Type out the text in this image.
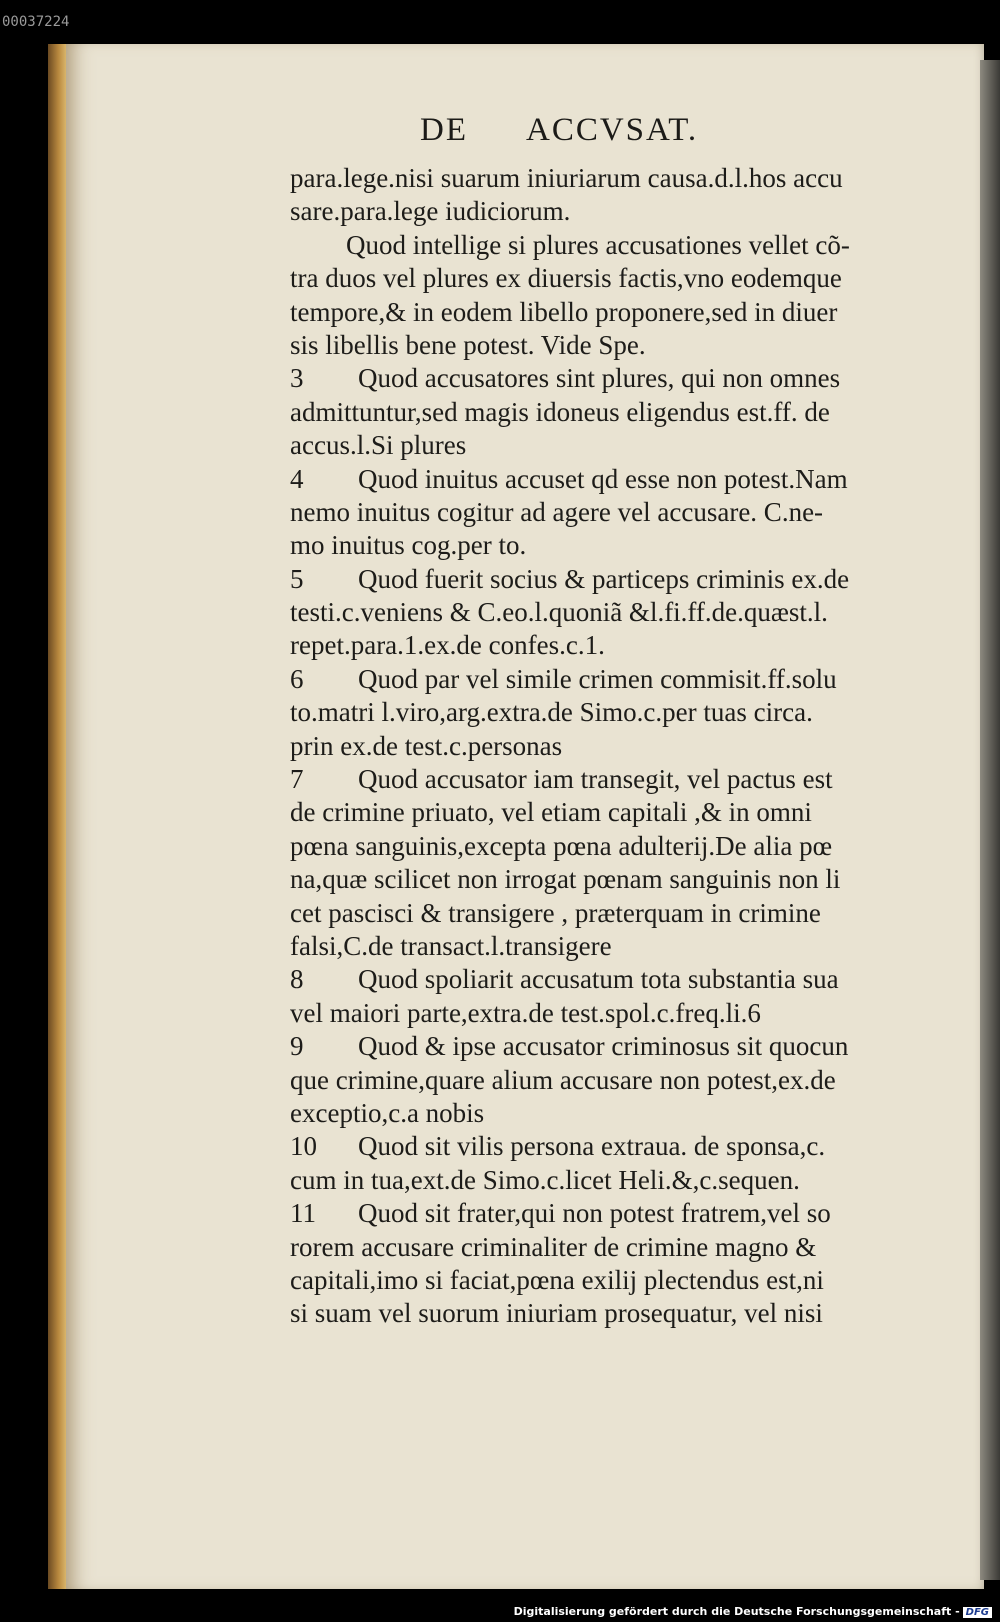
00037224
DE ACCVSAT.
para.lege.nisi suarum iniuriarum causa.d.l.hos accu
sare.para.lege iudiciorum.
Quod intellige si plures accusationes vellet cõ-
tra duos vel plures ex diuersis factis,vno eodemque
tempore,& in eodem libello proponere,sed in diuer
sis libellis bene potest. Vide Spe.
3 Quod accusatores sint plures, qui non omnes
admittuntur,sed magis idoneus eligendus est.ff. de
accus.l.Si plures
4 Quod inuitus accuset qd esse non potest.Nam
nemo inuitus cogitur ad agere vel accusare. C.ne-
mo inuitus cog.per to.
5 Quod fuerit socius & particeps criminis ex.de
testi.c.veniens & C.eo.l.quoniã &l.fi.ff.de.quæst.l.
repet.para.1.ex.de confes.c.1.
6 Quod par vel simile crimen commisit.ff.solu
to.matri l.viro,arg.extra.de Simo.c.per tuas circa.
prin ex.de test.c.personas
7 Quod accusator iam transegit, vel pactus est
de crimine priuato, vel etiam capitali ,& in omni
pœna sanguinis,excepta pœna adulterij.De alia pœ
na,quæ scilicet non irrogat pœnam sanguinis non li
cet pascisci & transigere , præterquam in crimine
falsi,C.de transact.l.transigere
8 Quod spoliarit accusatum tota substantia sua
vel maiori parte,extra.de test.spol.c.freq.li.6
9 Quod & ipse accusator criminosus sit quocun
que crimine,quare alium accusare non potest,ex.de
exceptio,c.a nobis
10 Quod sit vilis persona extraua. de sponsa,c.
cum in tua,ext.de Simo.c.licet Heli.&,c.sequen.
11 Quod sit frater,qui non potest fratrem,vel so
rorem accusare criminaliter de crimine magno &
capitali,imo si faciat,pœna exilij plectendus est,ni
si suam vel suorum iniuriam prosequatur, vel nisi
Digitalisierung gefördert durch die Deutsche Forschungsgemeinschaft - DFG
